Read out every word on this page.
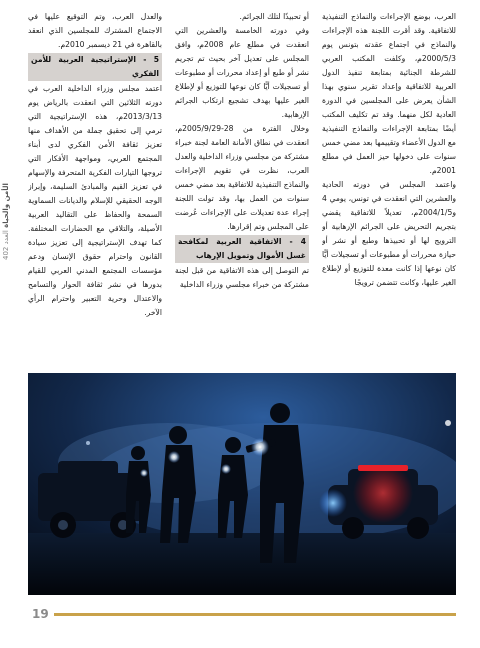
الأمن والحياة العدد 402

والعدل العرب، وتم التوقيع عليها في الاجتماع المشترك للمجلسين الذي انعقد بالقاهرة في 21 ديسمبر 2010م.

5 - الإستراتيجية العربية للأمن الفكري

اعتمد مجلس وزراء الداخلية العرب في دورته الثلاثين التي انعقدت بالرياض يوم 2013/3/13م، هذه الإستراتيجية التي ترمي إلى تحقيق جملة من الأهداف منها تعزيز ثقافة الأمن الفكري لدى أبناء المجتمع العربي، ومواجهة الأفكار التي تروجها التيارات الفكرية المتحرفة والإسهام في تعزيز القيم والمبادئ السليمة، وإبراز الوجه الحقيقي للإسلام والديانات السماوية السمحة والحفاظ على التقاليد العربية الأصيلة، والتلاقي مع الحضارات المختلفة. كما تهدف الإستراتيجية إلى تعزيز سيادة القانون واحترام حقوق الإنسان ودعم مؤسسات المجتمع المدني العربي للقيام بدورها في نشر ثقافة الحوار والتسامح والاعتدال وحرية التعبير واحترام الرأي الآخر.

أو تحبيذًا لتلك الجرائم.

وفي دورته الخامسة والعشرين التي انعقدت في مطلع عام 2008م، وافق المجلس على تعديل آخر بحيث تم تجريم نشر أو طبع أو إعداد محررات أو مطبوعات أو تسجيلات أيًّا كان نوعها للتوزيع أو لإطلاع الغير عليها بهدف تشجيع ارتكاب الجرائم الإرهابية.

وخلال الفترة من 28-2005/9/29م، انعقدت في نطاق الأمانة العامة لجنة خبراء مشتركة من مجلسي وزراء الداخلية والعدل العرب، نظرت في تقويم الإجراءات والنماذج التنفيذية للاتفاقية بعد مضي خمس سنوات من العمل بها، وقد تولت اللجنة إجراء عدة تعديلات على الإجراءات عُرضت على المجلس وتم إقرارها.

4 - الاتفاقية العربية لمكافحة غسل الأموال وتمويل الإرهاب

تم التوصل إلى هذه الاتفاقية من قبل لجنة مشتركة من خبراء مجلسي وزراء الداخلية

العرب، بوضع الإجراءات والنماذج التنفيذية للاتفاقية. وقد أقرت اللجنة هذه الإجراءات والنماذج في اجتماع عقدته بتونس يوم 2000/5/3م، وكلفت المكتب العربي للشرطة الجنائية بمتابعة تنفيذ الدول العربية للاتفاقية وإعداد تقرير سنوي بهذا الشأن يعرض على المجلسين في الدورة العادية لكل منهما. وقد تم تكليف المكتب أيضًا بمتابعة الإجراءات والنماذج التنفيذية مع الدول الأعضاء وتقييمها بعد مضي خمس سنوات على دخولها حيز العمل في مطلع 2001م.

واعتمد المجلس في دورته الحادية والعشرين التي انعقدت في تونس، يومي 4 و2004/1/5م، تعديلاً للاتفاقية يقضي بتجريم التحريض على الجرائم الإرهابية أو الترويج لها أو تحبيذها وطبع أو نشر أو حيازة محررات أو مطبوعات أو تسجيلات أيًّا كان نوعها إذا كانت معدة للتوزيع أو لإطلاع الغير عليها، وكانت تتضمن ترويجًا

19
